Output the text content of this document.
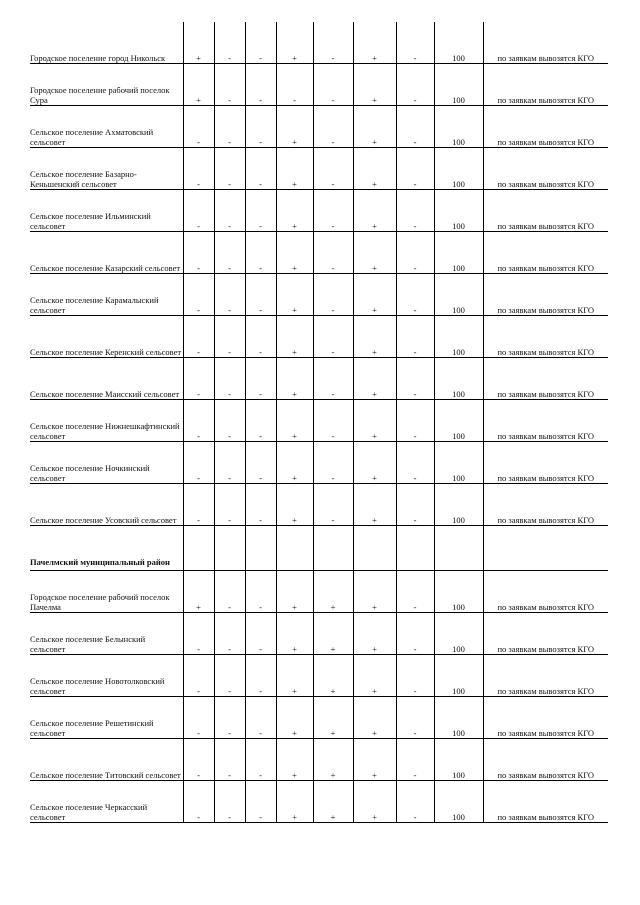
Городское поселение город Никольск	+	-	-	+	-	+	-	100	по заявкам вывозятся КГО

Городское поселение рабочий поселок Сура	+	-	-	-	-	+	-	100	по заявкам вывозятся КГО

Сельское поселение Ахматовский сельсовет	-	-	-	+	-	+	-	100	по заявкам вывозятся КГО

Сельское поселение Базарно-Кеньшенский сельсовет	-	-	-	+	-	+	-	100	по заявкам вывозятся КГО

Сельское поселение Ильминский сельсовет	-	-	-	+	-	+	-	100	по заявкам вывозятся КГО

Сельское поселение Казарский сельсовет	-	-	-	+	-	+	-	100	по заявкам вывозятся КГО

Сельское поселение Карамалыский сельсовет	-	-	-	+	-	+	-	100	по заявкам вывозятся КГО

Сельское поселение Керенский сельсовет	-	-	-	+	-	+	-	100	по заявкам вывозятся КГО

Сельское поселение Маисский сельсовет	-	-	-	+	-	+	-	100	по заявкам вывозятся КГО

Сельское поселение Нижнешкафтинский сельсовет	-	-	-	+	-	+	-	100	по заявкам вывозятся КГО

Сельское поселение Ночкинский сельсовет	-	-	-	+	-	+	-	100	по заявкам вывозятся КГО

Сельское поселение Усовский сельсовет	-	-	-	+	-	+	-	100	по заявкам вывозятся КГО

Пачелмский муниципальный район									

Городское поселение рабочий поселок Пачелма	+	-	-	+	+	+	-	100	по заявкам вывозятся КГО

Сельское поселение Белынский сельсовет	-	-	-	+	+	+	-	100	по заявкам вывозятся КГО

Сельское поселение Новотолковский сельсовет	-	-	-	+	+	+	-	100	по заявкам вывозятся КГО

Сельское поселение Решетинский сельсовет	-	-	-	+	+	+	-	100	по заявкам вывозятся КГО

Сельское поселение Титовский сельсовет	-	-	-	+	+	+	-	100	по заявкам вывозятся КГО

Сельское поселение Черкасский сельсовет	-	-	-	+	+	+	-	100	по заявкам вывозятся КГО
